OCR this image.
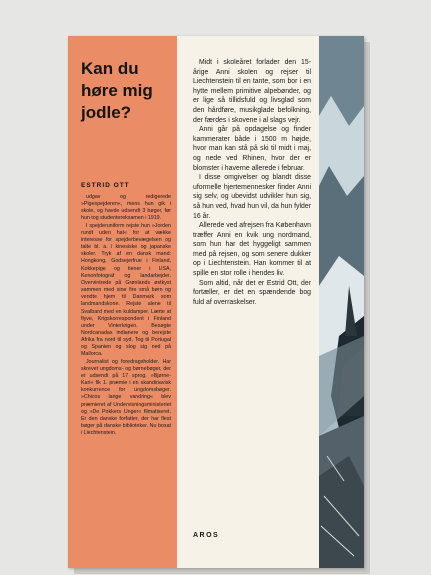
Kan du høre mig jodle?
ESTRID OTT

udgav og redigerede »Pigespejderen«, mens hun gik i skole, og havde udsendt 3 bøger, før hun tog studentereksamen i 1919.

I spejderuniform rejste hun »Jorden rundt uden hat« for at vække interesse for spejderbevægelsen og talte bl. a. i kinesiske og japanske skoler. Tryk af en dansk mand: Hongkong, Godsejerfrue i Finland, Kokkepige og tiener i USA, Kenonfotograf og landarbejder. Overvintrede på Grønlands østkyst sammen med sine fire små børn og vendte hjem til Danmark som landmandskone. Rejste alene til Svalbard med en kuldamper. Lærte at flyve, Krigskorrespondent i Finland under Vinterkrigen. Besøgte Nordcanadas indianere og berejste Afrika fra nord til syd. Tog til Portugal og Spanien og slog sig ned på Mallorca.

Journalist og foredragsholder. Har skrevet ungdoms- og børnebøger, der er udsendt på 17 sprog. »Bjørne-Kari« fik 1. præmie i en skandinavisk konkurrence for ungdomsbøger. »Chicos lange vandring« blev præmieret af Undervisningsministeriet og »De Pokkers Unger« filmatiseret. Er den danske forfatter, der har flest bøger på danske biblioteker. Nu bosat i Liechtenstein.

Midt i skoleåret forlader den 15-årige Anni skolen og rejser til Liechtenstein til en tante, som bor i en hytte mellem primitive alpebønder, og er lige så tillidsfuld og livsglad som den hårdføre, musikglade befolkning, der færdes i skovene i al slags vejr.

Anni går på opdagelse og finder kammerater både i 1500 m højde, hvor man kan stå på ski til midt i maj, og nede ved Rhinen, hvor der er blomster i haverne allerede i februar.

I disse omgivelser og blandt disse uformelle hjertemennesker finder Anni sig selv, og ubevidst udvikler hun sig, så hun ved, hvad hun vil, da hun fylder 16 år.

Allerede ved afrejsen fra København træffer Anni en kvik ung nordmand, som hun har det hyggeligt sammen med på rejsen, og som senere dukker op i Liechtenstein. Han kommer til at spille en stor rolle i hendes liv.

Som altid, når det er Estrid Ott, der fortæller, er det en spændende bog fuld af overraskelser.

AROS
